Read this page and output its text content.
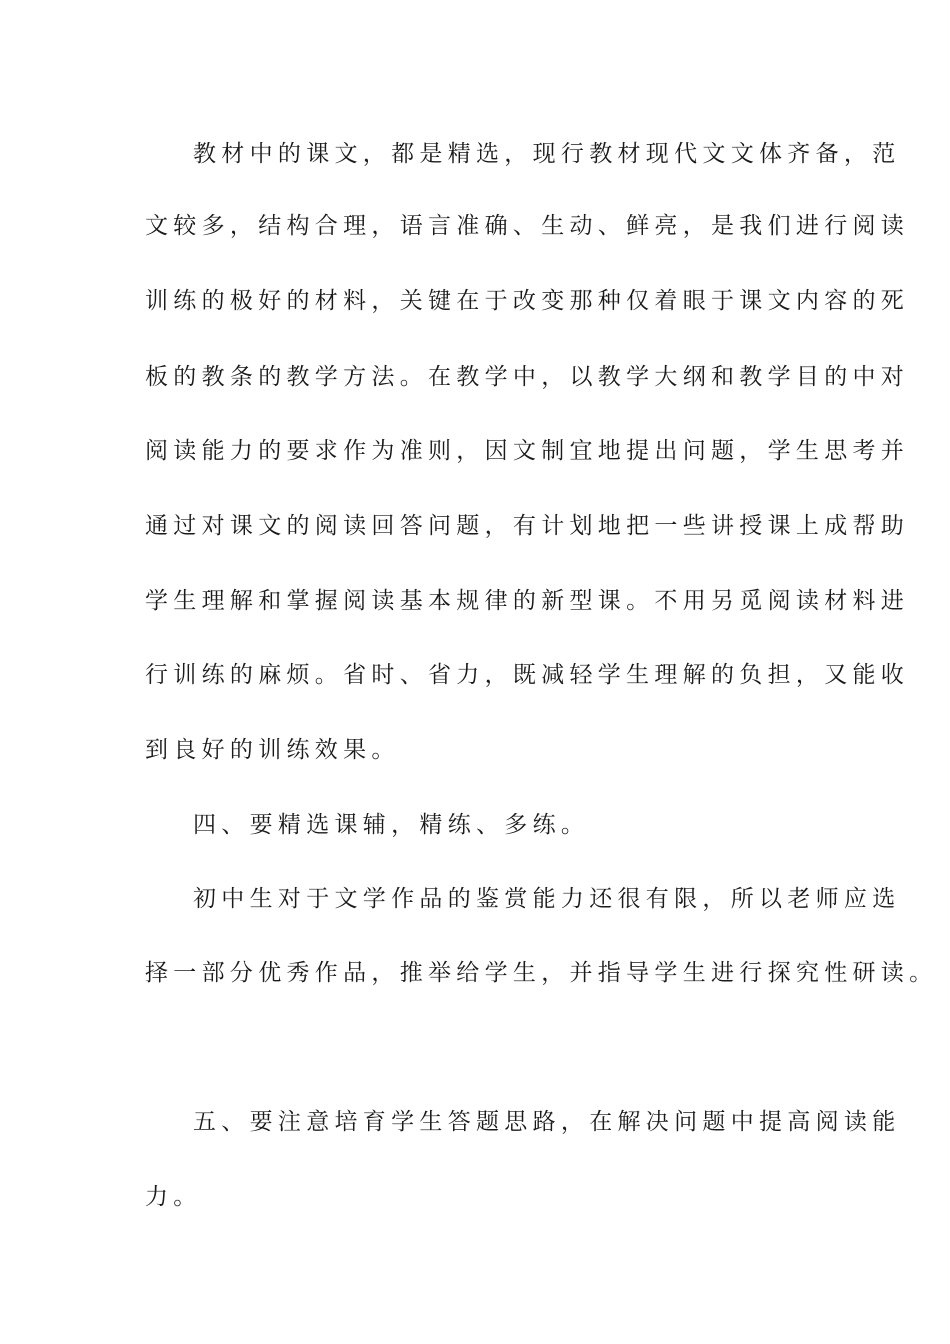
教材中的课文，都是精选，现行教材现代文文体齐备，范
文较多，结构合理，语言准确、生动、鲜亮，是我们进行阅读
训练的极好的材料，关键在于改变那种仅着眼于课文内容的死
板的教条的教学方法。在教学中，以教学大纲和教学目的中对
阅读能力的要求作为准则，因文制宜地提出问题，学生思考并
通过对课文的阅读回答问题，有计划地把一些讲授课上成帮助
学生理解和掌握阅读基本规律的新型课。不用另觅阅读材料进
行训练的麻烦。省时、省力，既减轻学生理解的负担，又能收
到良好的训练效果。
四、要精选课辅，精练、多练。
初中生对于文学作品的鉴赏能力还很有限，所以老师应选
择一部分优秀作品，推举给学生，并指导学生进行探究性研读。
五、要注意培育学生答题思路，在解决问题中提高阅读能
力。
